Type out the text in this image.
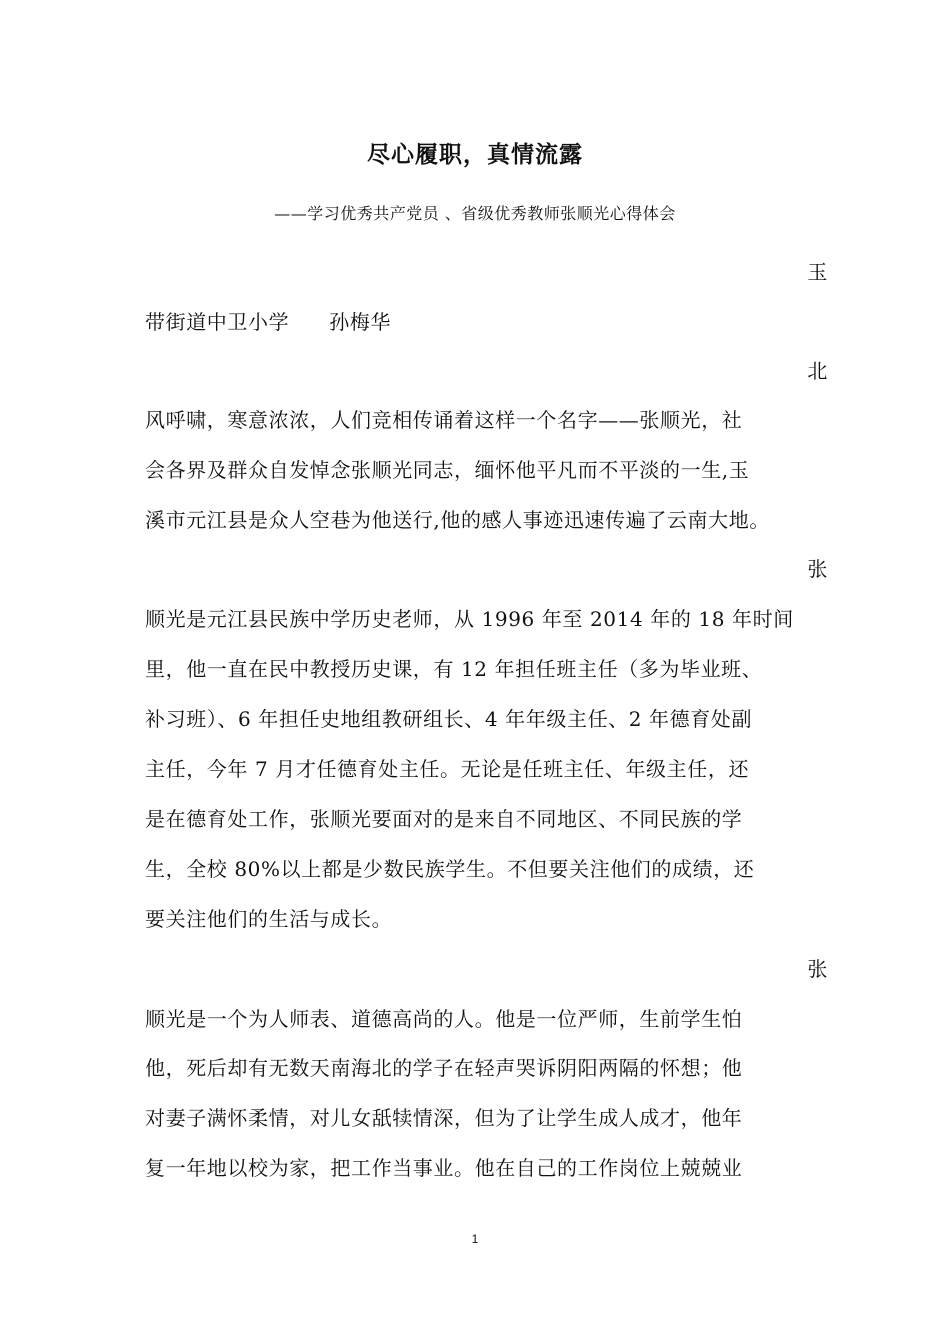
尽心履职，真情流露
——学习优秀共产党员 、省级优秀教师张顺光心得体会
玉
带街道中卫小学 孙梅华
北
风呼啸，寒意浓浓，人们竞相传诵着这样一个名字——张顺光，社
会各界及群众自发悼念张顺光同志，缅怀他平凡而不平淡的一生,玉
溪市元江县是众人空巷为他送行,他的感人事迹迅速传遍了云南大地。
张
顺光是元江县民族中学历史老师，从 1996 年至 2014 年的 18 年时间
里，他一直在民中教授历史课，有 12 年担任班主任（多为毕业班、
补习班）、6 年担任史地组教研组长、4 年年级主任、2 年德育处副
主任，今年 7 月才任德育处主任。无论是任班主任、年级主任，还
是在德育处工作，张顺光要面对的是来自不同地区、不同民族的学
生，全校 80%以上都是少数民族学生。不但要关注他们的成绩，还
要关注他们的生活与成长。
张
顺光是一个为人师表、道德高尚的人。他是一位严师，生前学生怕
他，死后却有无数天南海北的学子在轻声哭诉阴阳两隔的怀想；他
对妻子满怀柔情，对儿女舐犊情深，但为了让学生成人成才，他年
复一年地以校为家，把工作当事业。他在自己的工作岗位上兢兢业
1
